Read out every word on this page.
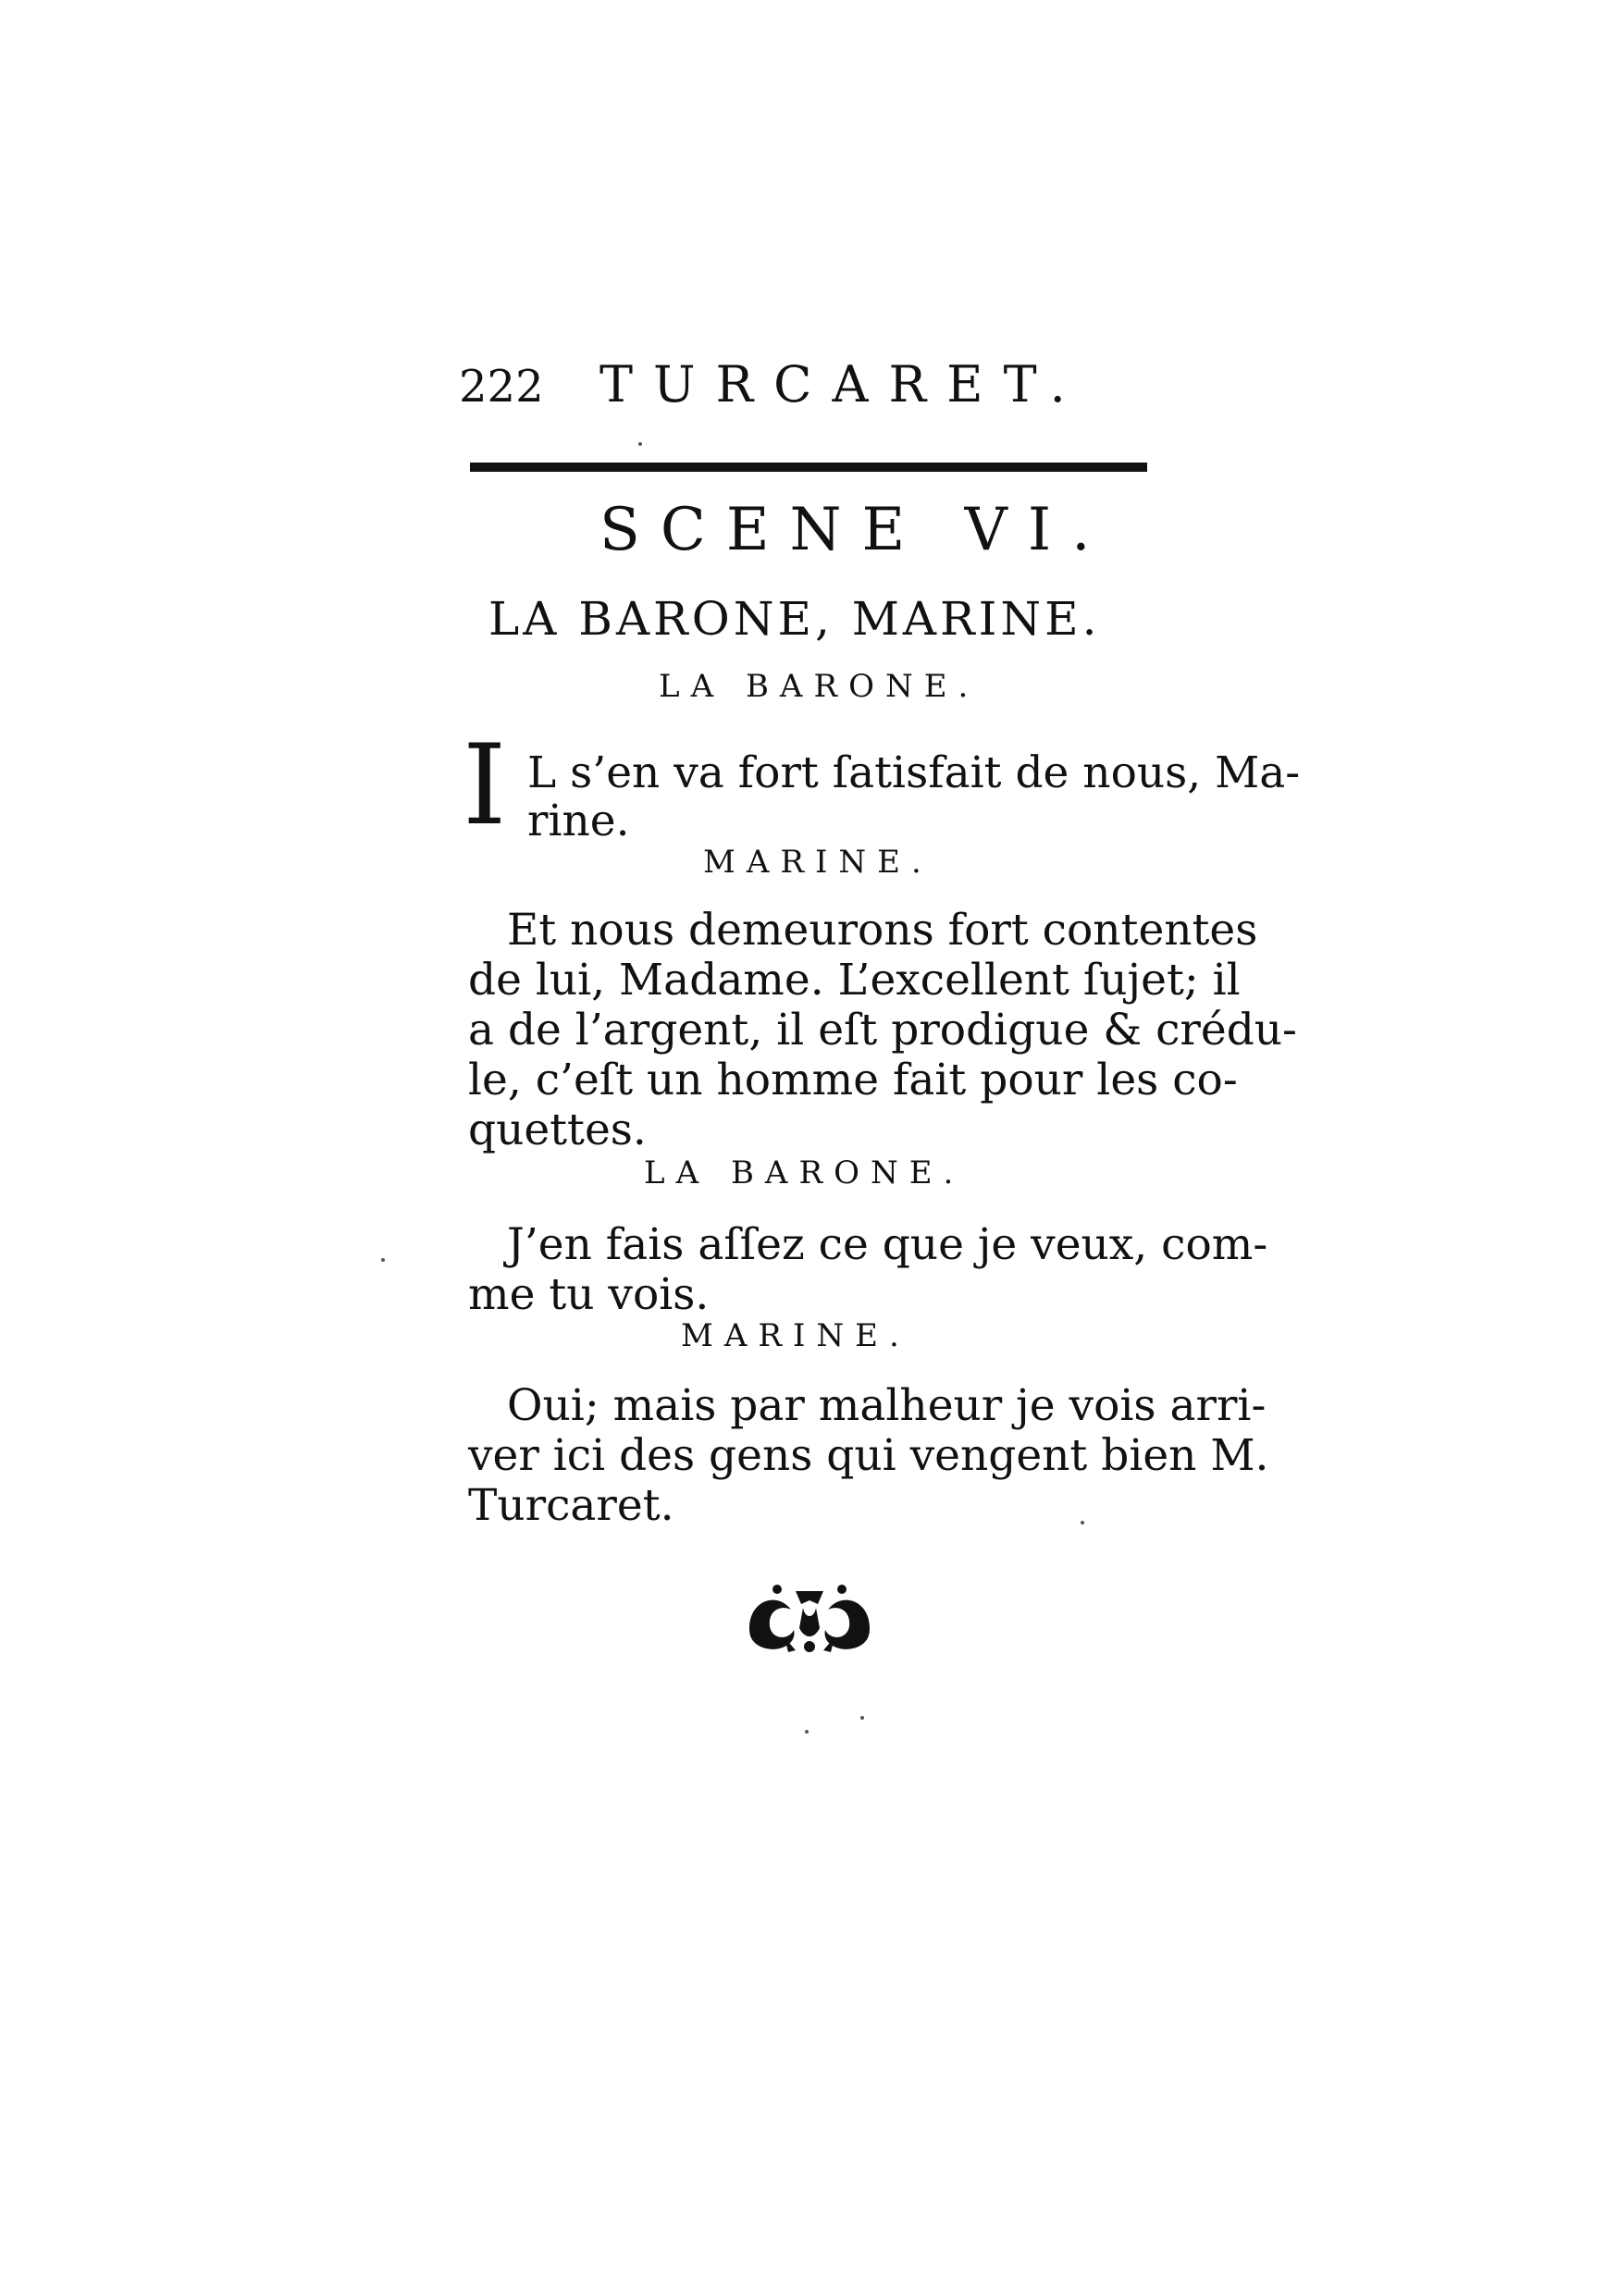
222 TURCARET.
SCENE VI.
LA BARONE, MARINE.
LA BARONE.
I L s’en va fort ſatisfait de nous, Ma-
rine.
MARINE.
Et nous demeurons fort contentes
de lui, Madame. L’excellent ſujet; il
a de l’argent, il eſt prodigue & crédu-
le, c’eſt un homme fait pour les co-
quettes.
LA BARONE.
J’en fais aſſez ce que je veux, com-
me tu vois.
MARINE.
Oui; mais par malheur je vois arri-
ver ici des gens qui vengent bien M.
Turcaret.
